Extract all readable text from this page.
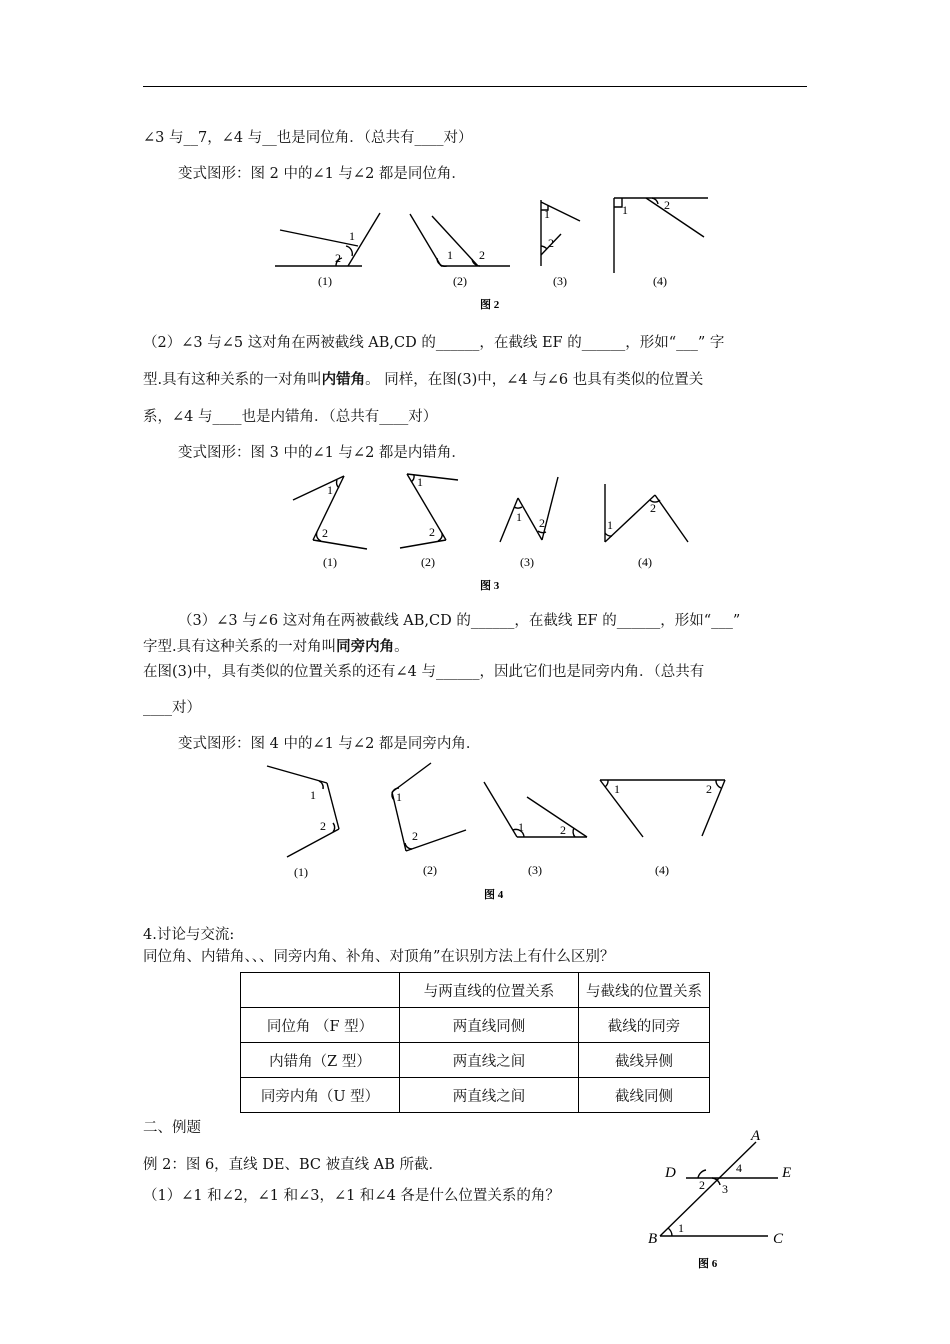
∠3 与__7，∠4 与__也是同位角．（总共有____对）
变式图形：图 2 中的∠1 与∠2 都是同位角．
1
2	1 2
1
2
1	2
(1)	(2)	(3)	(4)
图 2
（2）∠3 与∠5 这对角在两被截线 AB,CD 的______，在截线 EF 的______，形如“___” 字
型.具有这种关系的一对角叫内错角。 同样，在图(3)中，∠4 与∠6 也具有类似的位置关
系，∠4 与____也是内错角．（总共有____对）
变式图形：图 3 中的∠1 与∠2 都是内错角．
1
2
1
2
1 2	1
2
(1)	(2)	(3)	(4)
图 3
（3）∠3 与∠6 这对角在两被截线 AB,CD 的______，在截线 EF 的______，形如“___”
字型.具有这种关系的一对角叫同旁内角。
在图(3)中，具有类似的位置关系的还有∠4 与______，因此它们也是同旁内角．（总共有
____对）
变式图形：图 4 中的∠1 与∠2 都是同旁内角．
1
2
1
2
1	2
1	2
(1)	(2)	(3)	(4)
图 4
4.讨论与交流:
同位角、内错角、、、同旁内角、补角、对顶角”在识别方法上有什么区别？
	与两直线的位置关系	与截线的位置关系
同位角 （F 型）	两直线同侧	截线的同旁
内错角（Z 型）	两直线之间	截线异侧
同旁内角（U 型）	两直线之间	截线同侧
二、例题
例 2：图 6，直线 DE、BC 被直线 AB 所截．
（1）∠1 和∠2，∠1 和∠3，∠1 和∠4 各是什么位置关系的角？
A
D	E
B	C
4
2 3
1
图 6
